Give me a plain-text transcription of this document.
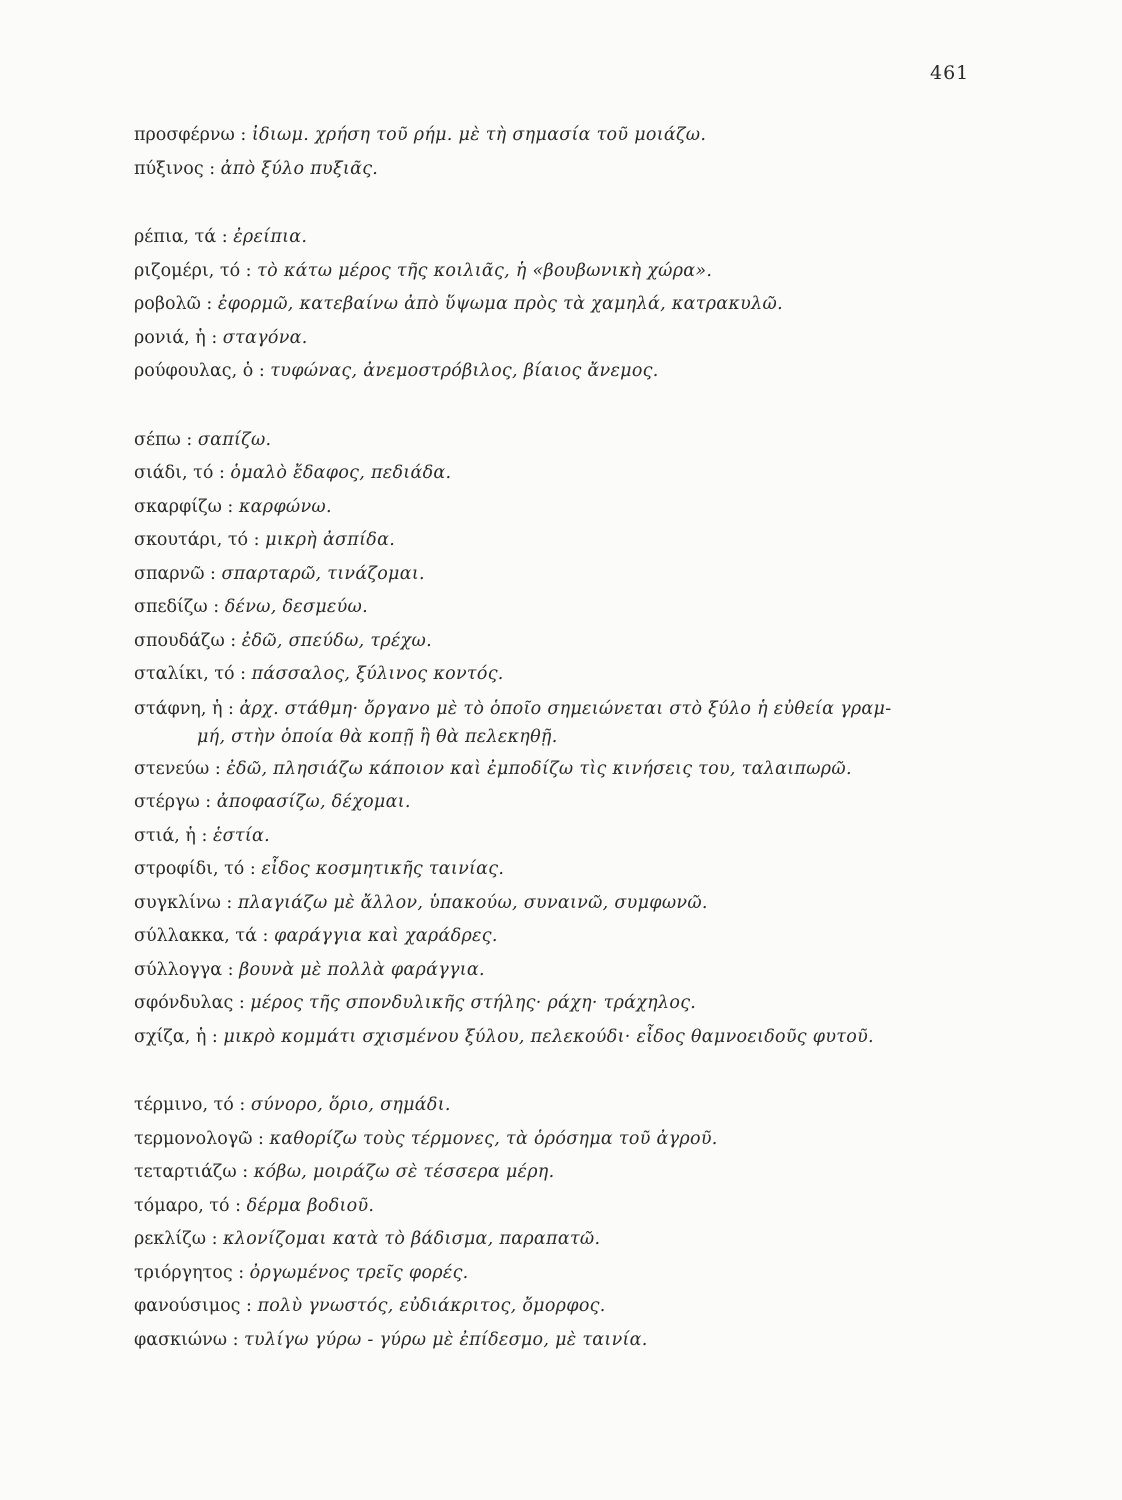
461
προσφέρνω : ἰδιωμ. χρήση τοῦ ρήμ. μὲ τὴ σημασία τοῦ μοιάζω.
πύξινος : ἀπὸ ξύλο πυξιᾶς.
ρέπια, τά : ἐρείπια.
ριζομέρι, τό : τὸ κάτω μέρος τῆς κοιλιᾶς, ἡ «βουβωνικὴ χώρα».
ροβολῶ : ἐφορμῶ, κατεβαίνω ἀπὸ ὕψωμα πρὸς τὰ χαμηλά, κατρακυλῶ.
ρονιά, ἡ : σταγόνα.
ρούφουλας, ὁ : τυφώνας, ἀνεμοστρόβιλος, βίαιος ἄνεμος.
σέπω : σαπίζω.
σιάδι, τό : ὁμαλὸ ἔδαφος, πεδιάδα.
σκαρφίζω : καρφώνω.
σκουτάρι, τό : μικρὴ ἀσπίδα.
σπαρνῶ : σπαρταρῶ, τινάζομαι.
σπεδίζω : δένω, δεσμεύω.
σπουδάζω : ἐδῶ, σπεύδω, τρέχω.
σταλίκι, τό : πάσσαλος, ξύλινος κοντός.
στάφνη, ἡ : ἀρχ. στάθμη· ὄργανο μὲ τὸ ὁποῖο σημειώνεται στὸ ξύλο ἡ εὐθεία γραμ-
μή, στὴν ὁποία θὰ κοπῇ ἢ θὰ πελεκηθῇ.
στενεύω : ἐδῶ, πλησιάζω κάποιον καὶ ἐμποδίζω τὶς κινήσεις του, ταλαιπωρῶ.
στέργω : ἀποφασίζω, δέχομαι.
στιά, ἡ : ἑστία.
στροφίδι, τό : εἶδος κοσμητικῆς ταινίας.
συγκλίνω : πλαγιάζω μὲ ἄλλον, ὑπακούω, συναινῶ, συμφωνῶ.
σύλλακκα, τά : φαράγγια καὶ χαράδρες.
σύλλογγα : βουνὰ μὲ πολλὰ φαράγγια.
σφόνδυλας : μέρος τῆς σπονδυλικῆς στήλης· ράχη· τράχηλος.
σχίζα, ἡ : μικρὸ κομμάτι σχισμένου ξύλου, πελεκούδι· εἶδος θαμνοειδοῦς φυτοῦ.
τέρμινο, τό : σύνορο, ὅριο, σημάδι.
τερμονολογῶ : καθορίζω τοὺς τέρμονες, τὰ ὁρόσημα τοῦ ἀγροῦ.
τεταρτιάζω : κόβω, μοιράζω σὲ τέσσερα μέρη.
τόμαρο, τό : δέρμα βοδιοῦ.
ρεκλίζω : κλονίζομαι κατὰ τὸ βάδισμα, παραπατῶ.
τριόργητος : ὀργωμένος τρεῖς φορές.
φανούσιμος : πολὺ γνωστός, εὐδιάκριτος, ὄμορφος.
φασκιώνω : τυλίγω γύρω - γύρω μὲ ἐπίδεσμο, μὲ ταινία.
